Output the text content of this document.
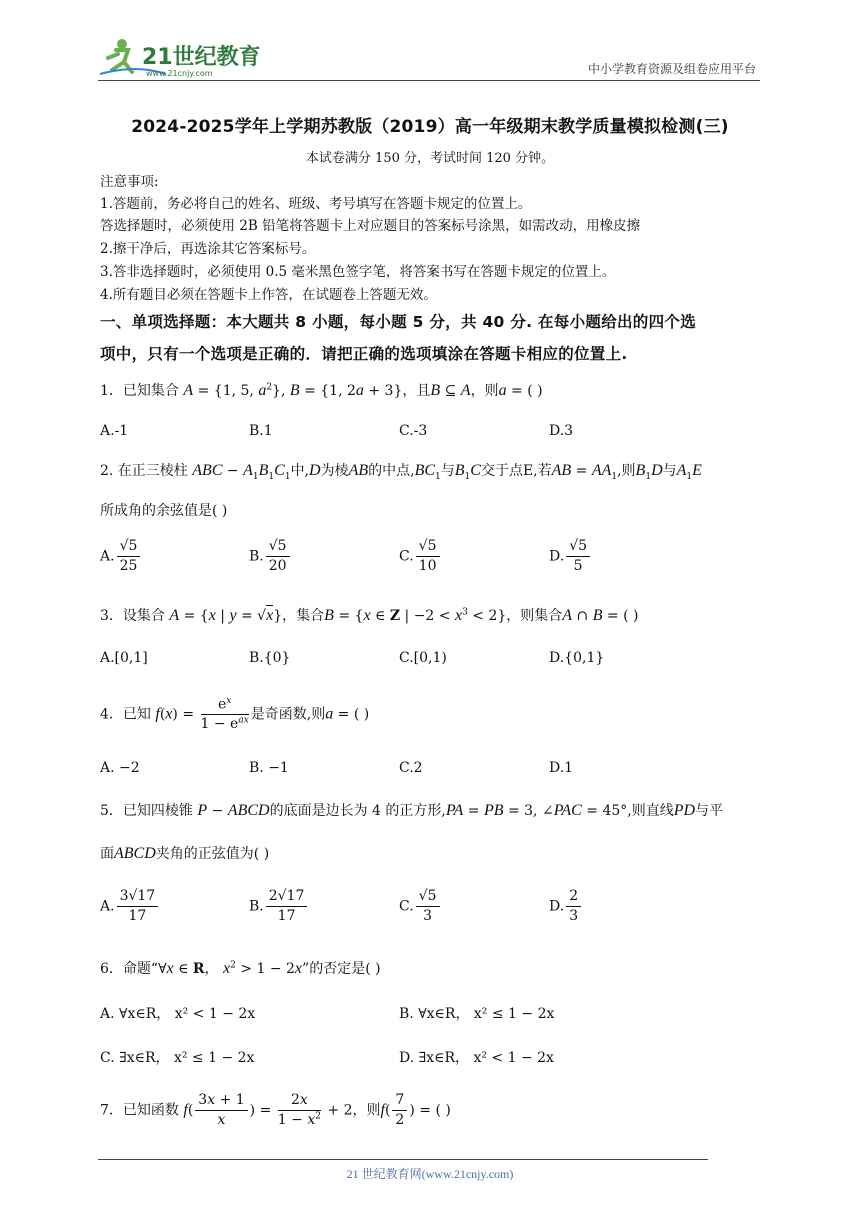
21世纪教育
www.21cnjy.com	中小学教育资源及组卷应用平台
2024-2025学年上学期苏教版（2019）高一年级期末教学质量模拟检测(三)
本试卷满分 150 分，考试时间 120 分钟。
注意事项:
1.答题前，务必将自己的姓名、班级、考号填写在答题卡规定的位置上。
答选择题时，必须使用 2B 铅笔将答题卡上对应题目的答案标号涂黑，如需改动，用橡皮擦
2.擦干净后，再选涂其它答案标号。
3.答非选择题时，必须使用 0.5 毫米黑色签字笔，将答案书写在答题卡规定的位置上。
4.所有题目必须在答题卡上作答，在试题卷上答题无效。
一、单项选择题：本大题共 8 小题，每小题 5 分，共 40 分. 在每小题给出的四个选
项中，只有一个选项是正确的．请把正确的选项填涂在答题卡相应的位置上.
1．已知集合 A = {1, 5, $a^2$}, B = {1, 2a + 3}，且B ⊆ A，则a = ( )
A.-1	B.1	C.-3	D.3
2. 在正三棱柱 ABC − $A_1B_1C_1$中,D为棱AB的中点$,BC_1$与$B_1C$交于点E,若AB = $AA_1$,则$B_1D$与$A_1E$
所成角的余弦值是( )
A. $\frac{√5}{25}$	B. $\frac{√5}{20}$	C. $\frac{√5}{10}$	D. $\frac{√5}{5}$
3．设集合 A = {x | y = √x}，集合B = {x ∈ Z | $-2 < x^3 < 2$}，则集合A ∩ B = ( )
A.[0,1]	B.{0}	C.[0,1)	D.{0,1}
4．已知 $f(x) = \frac{e^x}{1 - e^{ax}}$ 是奇函数,则a = ( )
A. −2	B. −1	C.2	D.1
5．已知四棱锥 P − ABCD的底面是边长为 4 的正方形,PA = PB = 3, ∠PAC = 45°,则直线PD与平
面ABCD夹角的正弦值为( )
A. $\frac{3√17}{17}$	B. $\frac{2√17}{17}$	C. $\frac{√5}{3}$	D. $\frac{2}{3}$
6．命题“∀x ∈ R， $x^2 > 1 - 2x$”的否定是( )
A. ∀x∈R， x² < 1 − 2x	B. ∀x∈R， x² ≤ 1 − 2x
C. ∃x∈R， x² ≤ 1 − 2x	D. ∃x∈R， x² < 1 − 2x
7．已知函数 $f( \frac{3x + 1}{x}$ ) = $\frac{2x}{1 - x^2} + 2$，则$f( \frac{7}{2}$ ) = ( )
21 世纪教育网(www.21cnjy.com)
